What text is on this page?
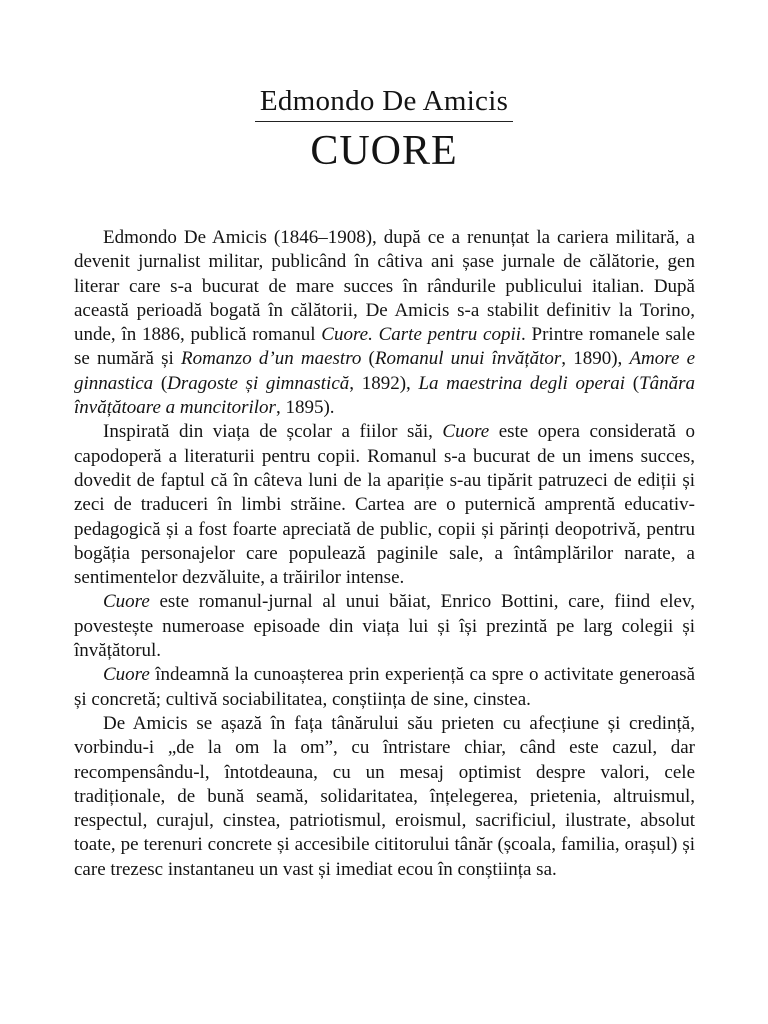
Edmondo De Amicis
CUORE

Edmondo De Amicis (1846–1908), după ce a renunțat la cariera militară, a devenit jurnalist militar, publicând în câtiva ani șase jurnale de călătorie, gen literar care s-a bucurat de mare succes în rândurile publicului italian. După această perioadă bogată în călătorii, De Amicis s-a stabilit definitiv la Torino, unde, în 1886, publică romanul Cuore. Carte pentru copii. Printre romanele sale se numără și Romanzo d’un maestro (Romanul unui învățător, 1890), Amore e ginnastica (Dragoste și gimnastică, 1892), La maestrina degli operai (Tânăra învățătoare a muncitorilor, 1895).

Inspirată din viața de școlar a fiilor săi, Cuore este opera considerată o capodoperă a literaturii pentru copii. Romanul s-a bucurat de un imens succes, dovedit de faptul că în câteva luni de la apariție s-au tipărit patruzeci de ediții și zeci de traduceri în limbi străine. Cartea are o puternică amprentă educativ-pedagogică și a fost foarte apreciată de public, copii și părinți deopotrivă, pentru bogăția personajelor care populează paginile sale, a întâmplărilor narate, a sentimentelor dezvăluite, a trăirilor intense.

Cuore este romanul-jurnal al unui băiat, Enrico Bottini, care, fiind elev, povestește numeroase episoade din viața lui și își prezintă pe larg colegii și învățătorul.

Cuore îndeamnă la cunoașterea prin experiență ca spre o activitate generoasă și concretă; cultivă sociabilitatea, conștiința de sine, cinstea.

De Amicis se așază în fața tânărului său prieten cu afecțiune și credință, vorbindu-i „de la om la om”, cu întristare chiar, când este cazul, dar recompensându-l, întotdeauna, cu un mesaj optimist despre valori, cele tradiționale, de bună seamă, solidaritatea, înțelegerea, prietenia, altruismul, respectul, curajul, cinstea, patriotismul, eroismul, sacrificiul, ilustrate, absolut toate, pe terenuri concrete și accesibile cititorului tânăr (școala, familia, orașul) și care trezesc instantaneu un vast și imediat ecou în conștiința sa.
